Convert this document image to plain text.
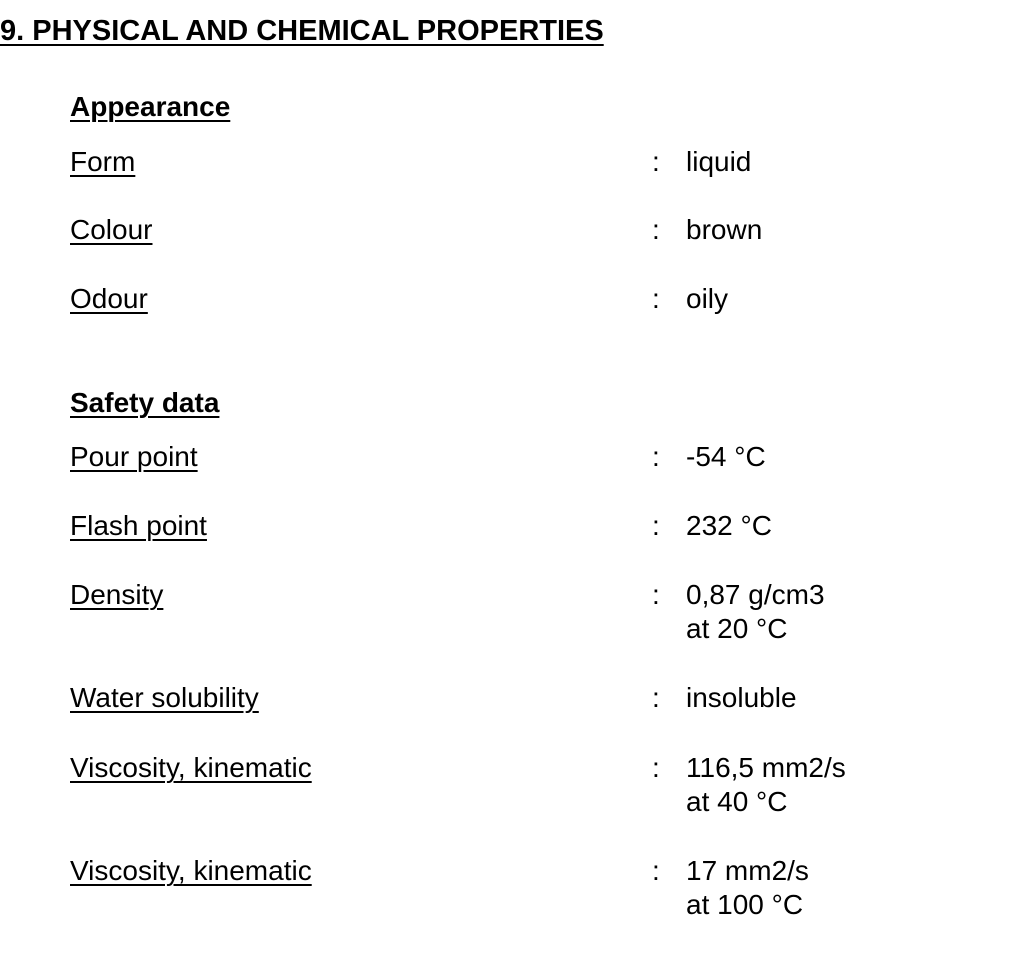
9. PHYSICAL AND CHEMICAL PROPERTIES
Appearance
Form	: liquid
Colour	: brown
Odour	: oily
Safety data
Pour point	: -54 °C
Flash point	: 232 °C
Density	: 0,87 g/cm3
at 20 °C
Water solubility	: insoluble
Viscosity, kinematic	: 116,5 mm2/s
at 40 °C
Viscosity, kinematic	: 17 mm2/s
at 100 °C
